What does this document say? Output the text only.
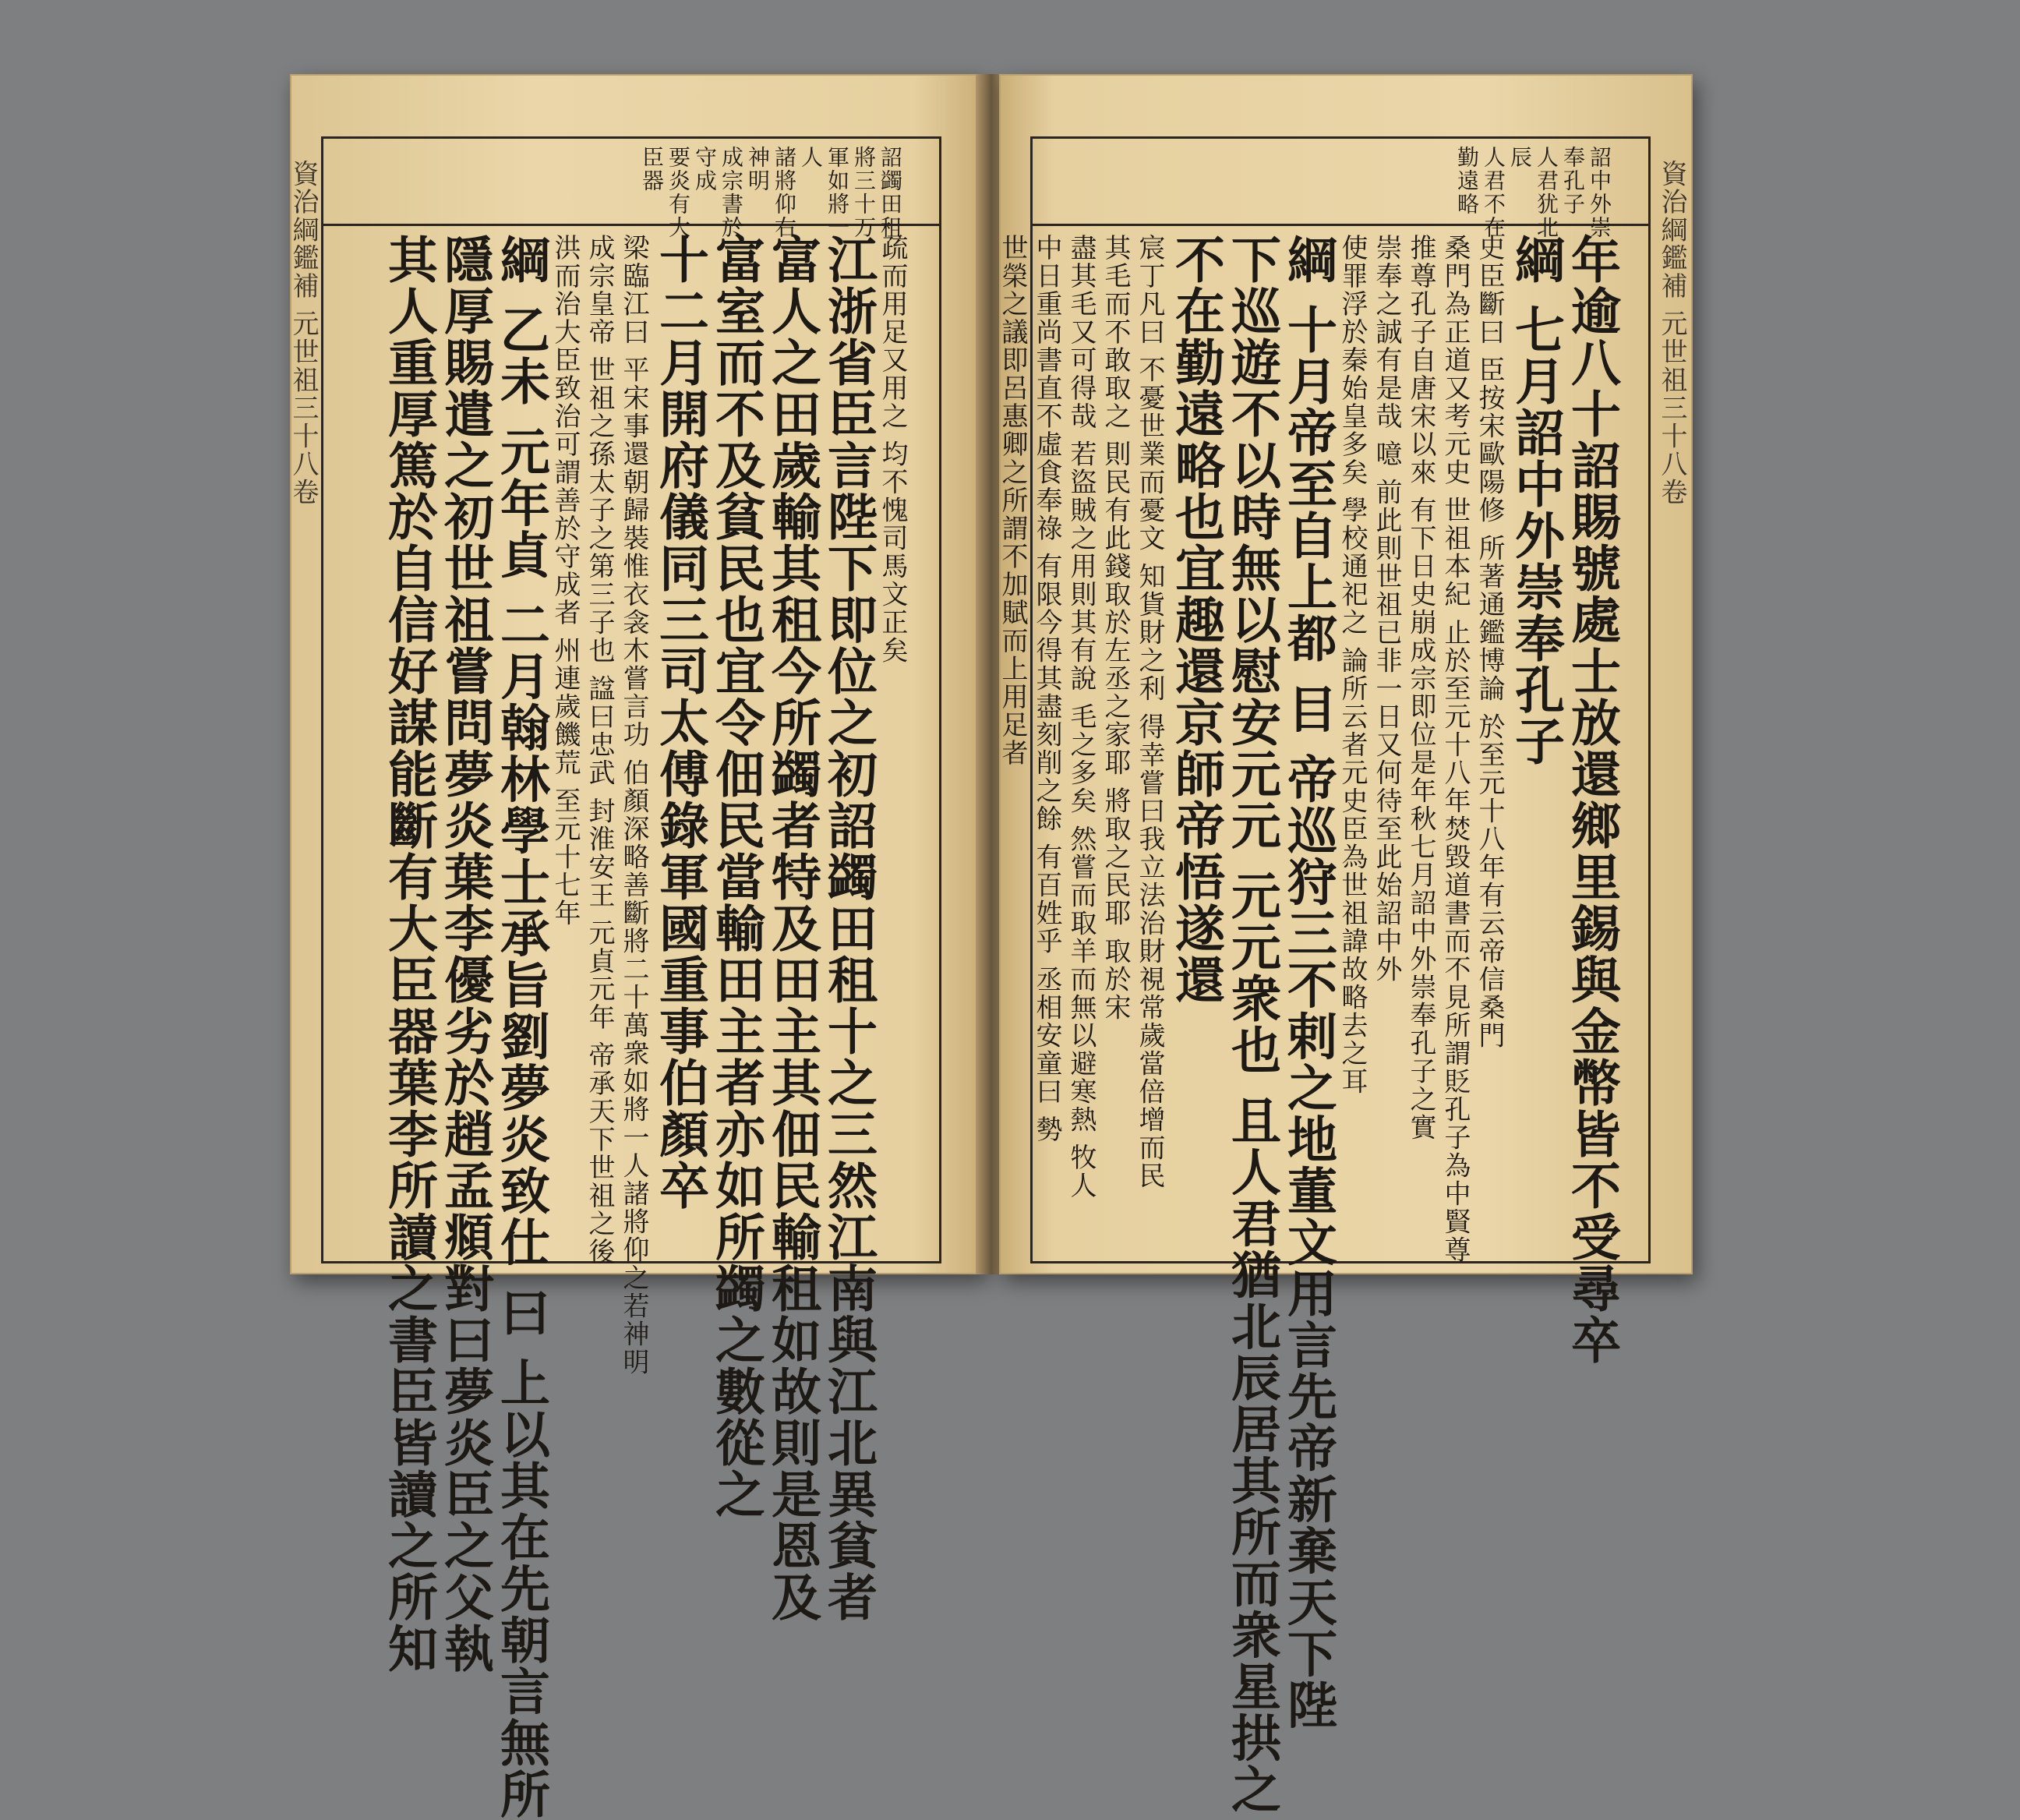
資治綱鑑補 元世祖三十八卷	詔蠲田租
將三十万
軍如將一
人
諸將仰右
神明
成宗書於
守成
要炎有大
臣器
疏而用足又用之 均不愧司馬文正矣
江浙省臣言陛下即位之初詔蠲田租十之三然江南與江北異貧者
富人之田歲輸其租今所蠲者特及田主其佃民輸租如故則是恩及
富室而不及貧民也宜令佃民當輸田主者亦如所蠲之數從之
十二月開府儀同三司太傅錄軍國重事伯顏卒
梁臨江曰 平宋事還朝歸裝惟衣衾木嘗言功 伯顏深略善斷將二十萬衆如將一人諸將仰之若神明
成宗皇帝 世祖之孫太子之第三子也 諡曰忠武 封淮安王 元貞元年 帝承天下世祖之後
洪而治大臣致治可謂善於守成者 州連歲饑荒 至元十七年
綱 乙未 元年貞 二月翰林學士承旨劉夢炎致仕 曰 上以其在先朝言無所
隱厚賜遣之初世祖嘗問夢炎葉李優劣於趙孟頫對曰夢炎臣之父執
其人重厚篤於自信好謀能斷有大臣器葉李所讀之書臣皆讀之所知	資治綱鑑補 元世祖三十八卷
詔中外崇
奉孔子
人君犹北
辰
人君不在
勤遠略
年逾八十詔賜號處士放還鄉里錫與金幣皆不受尋卒
綱 七月詔中外崇奉孔子
史臣斷曰 臣按宋歐陽修 所著通鑑博論 於至元十八年有云帝信桑門
桑門為正道又考元史 世祖本紀 止於至元十八年焚毀道書而不見所謂貶孔子為中賢尊
推尊孔子自唐宋以來 有下日史崩成宗即位是年秋七月詔中外崇奉孔子之實
崇奉之誠有是哉 噫 前此則世祖已非一日又何待至此始詔中外
使罪浮於秦始皇多矣 學校通祀之 論所云者元史臣為世祖諱故略去之耳
綱 十月帝至自上都 目 帝巡狩三不剌之地董文用言先帝新棄天下陛
下巡遊不以時無以慰安元元 元元衆也 且人君猶北辰居其所而衆星拱之
不在勤遠略也宜趣還京師帝悟遂還
宸丁凡曰 不憂世業而憂文 知貨財之利 得幸嘗曰我立法治財視常歲當倍增而民
其毛而不敢取之 則民有此錢取於左丞之家耶 將取之民耶 取於宋
盡其毛又可得哉 若盜賊之用則其有說 毛之多矣 然嘗而取羊而無以避寒熱 牧人
中日重尚書直不虛食奉祿 有限今得其盡刻削之餘 有百姓乎 丞相安童曰 勢
世榮之議即呂惠卿之所謂不加賦而上用足者
